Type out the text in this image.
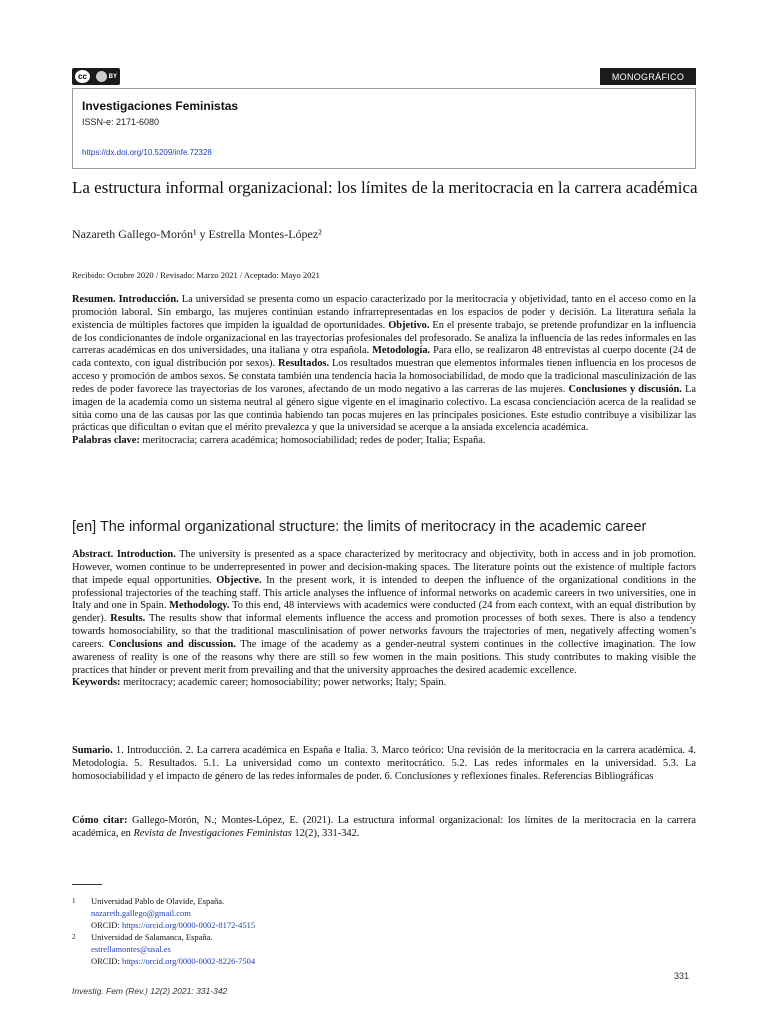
cc	BY	MONOGRÁFICO
Investigaciones Feministas
ISSN-e: 2171-6080
https://dx.doi.org/10.5209/infe.72328
La estructura informal organizacional: los límites de la meritocracia en la carrera académica
Nazareth Gallego-Morón¹ y Estrella Montes-López²
Recibido: Octubre 2020 / Revisado: Marzo 2021 / Aceptado: Mayo 2021

Resumen. Introducción. La universidad se presenta como un espacio caracterizado por la meritocracia y objetividad, tanto en el acceso como en la promoción laboral. Sin embargo, las mujeres continúan estando infrarrepresentadas en los espacios de poder y decisión. La literatura señala la existencia de múltiples factores que impiden la igualdad de oportunidades. Objetivo. En el presente trabajo, se pretende profundizar en la influencia de los condicionantes de índole organizacional en las trayectorias profesionales del profesorado. Se analiza la influencia de las redes informales en las carreras académicas en dos universidades, una italiana y otra española. Metodología. Para ello, se realizaron 48 entrevistas al cuerpo docente (24 de cada contexto, con igual distribución por sexos). Resultados. Los resultados muestran que elementos informales tienen influencia en los procesos de acceso y promoción de ambos sexos. Se constata también una tendencia hacia la homosociabilidad, de modo que la tradicional masculinización de las redes de poder favorece las trayectorias de los varones, afectando de un modo negativo a las carreras de las mujeres. Conclusiones y discusión. La imagen de la academia como un sistema neutral al género sigue vigente en el imaginario colectivo. La escasa concienciación acerca de la realidad se sitúa como una de las causas por las que continúa habiendo tan pocas mujeres en las principales posiciones. Este estudio contribuye a visibilizar las prácticas que dificultan o evitan que el mérito prevalezca y que la universidad se acerque a la ansiada excelencia académica.
Palabras clave: meritocracia; carrera académica; homosociabilidad; redes de poder; Italia; España.

[en] The informal organizational structure: the limits of meritocracy in the academic career

Abstract. Introduction. The university is presented as a space characterized by meritocracy and objectivity, both in access and in job promotion. However, women continue to be underrepresented in power and decision-making spaces. The literature points out the existence of multiple factors that impede equal opportunities. Objective. In the present work, it is intended to deepen the influence of the organizational conditions in the professional trajectories of the teaching staff. This article analyses the influence of informal networks on academic careers in two universities, one in Italy and one in Spain. Methodology. To this end, 48 interviews with academics were conducted (24 from each context, with an equal distribution by gender). Results. The results show that informal elements influence the access and promotion processes of both sexes. There is also a tendency towards homosociability, so that the traditional masculinisation of power networks favours the trajectories of men, negatively affecting women’s careers. Conclusions and discussion. The image of the academy as a gender-neutral system continues in the collective imagination. The low awareness of reality is one of the reasons why there are still so few women in the main positions. This study contributes to making visible the practices that hinder or prevent merit from prevailing and that the university approaches the desired academic excellence.
Keywords: meritocracy; academic career; homosociability; power networks; Italy; Spain.

Sumario. 1. Introducción. 2. La carrera académica en España e Italia. 3. Marco teórico: Una revisión de la meritocracia en la carrera académica. 4. Metodología. 5. Resultados. 5.1. La universidad como un contexto meritocrático. 5.2. Las redes informales en la universidad. 5.3. La homosociabilidad y el impacto de género de las redes informales de poder. 6. Conclusiones y reflexiones finales. Referencias Bibliográficas

Cómo citar: Gallego-Morón, N.; Montes-López, E. (2021). La estructura informal organizacional: los límites de la meritocracia en la carrera académica, en Revista de Investigaciones Feministas 12(2), 331-342.

$^1$ Universidad Pablo de Olavide, España.
nazareth.gallego@gmail.com
ORCID: https://orcid.org/0000-0002-8172-4515
$^2$ Universidad de Salamanca, España.
estrellamontes@usal.es
ORCID: https://orcid.org/0000-0002-8226-7504
331
Investig. Fem (Rev.) 12(2) 2021: 331-342
